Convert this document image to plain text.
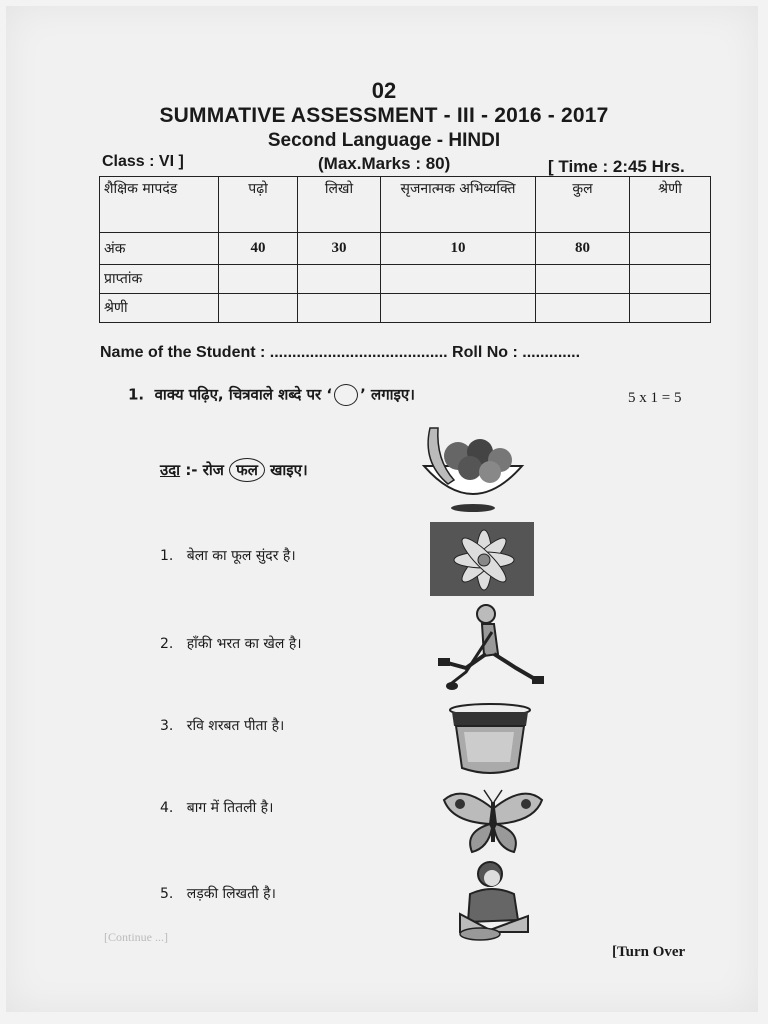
02
SUMMATIVE ASSESSMENT - III - 2016 - 2017
Second Language - HINDI
Class : VI ]	(Max.Marks : 80)	[ Time : 2:45 Hrs.
शैक्षिक मापदंड	पढ़ो	लिखो	सृजनात्मक अभिव्यक्ति	कुल	श्रेणी
अंक	40	30	10	80	
प्राप्तांक					
श्रेणी					
Name of the Student : ........................................ Roll No : .............
1. वाक्य पढ़िए, चित्रवाले शब्दे पर ‘ ’ लगाइए।	5 x 1 = 5
उदा :- रोज फल खाइए।
1. बेला का फूल सुंदर है।
2. हाँकी भरत का खेल है।
3. रवि शरबत पीता है।
4. बाग में तितली है।
5. लड़की लिखती है।
[Continue ...]
[Turn Over
